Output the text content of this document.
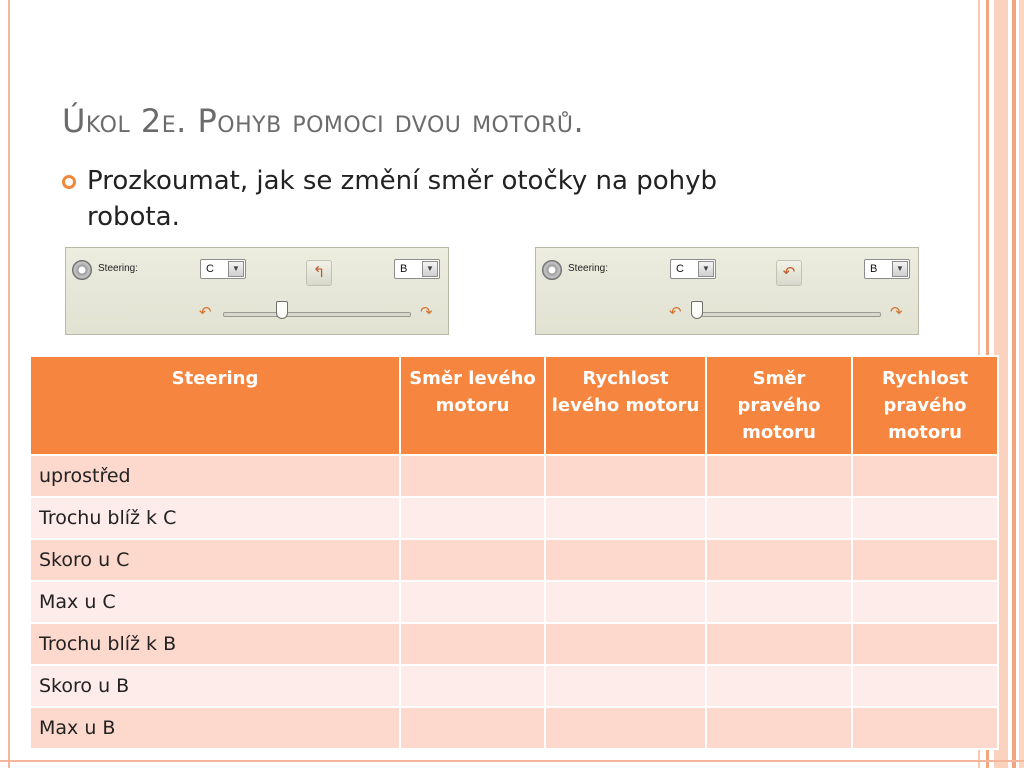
Úkol 2e. Pohyb pomoci dvou motorů.
Prozkoumat, jak se změní směr otočky na pohyb robota.
Steering:	C	▼	↰	B	▼
↶	↷
Steering:	C	▼	↶	B	▼
↶	↷
Steering	Směr levého motoru	Rychlost levého motoru	Směr pravého motoru	Rychlost pravého motoru
uprostřed				
Trochu blíž k C				
Skoro u C				
Max u C				
Trochu blíž k B				
Skoro u B				
Max u B				
